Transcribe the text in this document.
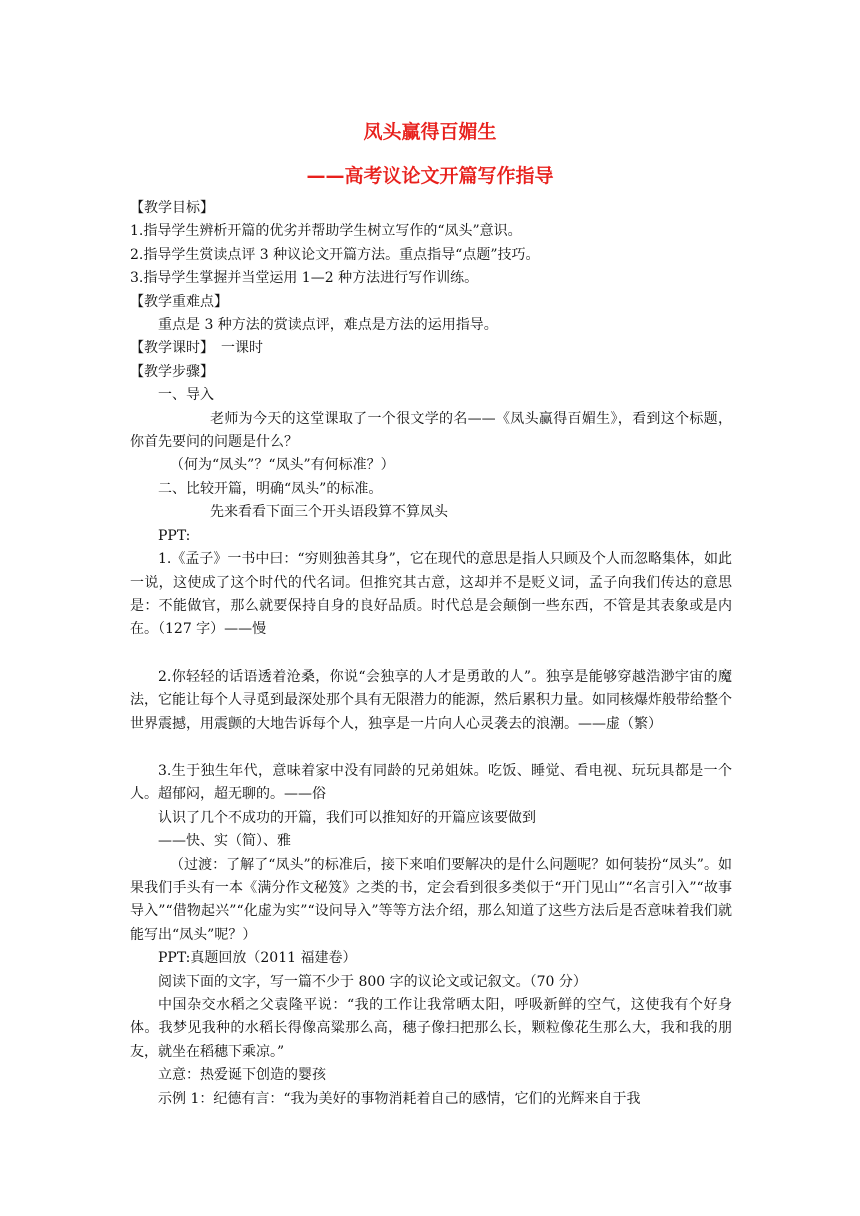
凤头赢得百媚生
——高考议论文开篇写作指导

【教学目标】

1.指导学生辨析开篇的优劣并帮助学生树立写作的“凤头”意识。

2.指导学生赏读点评 3 种议论文开篇方法。重点指导“点题”技巧。

3.指导学生掌握并当堂运用 1—2 种方法进行写作训练。

【教学重难点】

重点是 3 种方法的赏读点评，难点是方法的运用指导。

【教学课时】　一课时

【教学步骤】

一、导入

老师为今天的这堂课取了一个很文学的名——《凤头赢得百媚生》，看到这个标题，你首先要问的问题是什么？

（何为“凤头”？“凤头”有何标准？）

二、比较开篇，明确“凤头”的标准。

先来看看下面三个开头语段算不算凤头

PPT:

1.《孟子》一书中曰：“穷则独善其身”，它在现代的意思是指人只顾及个人而忽略集体，如此一说，这使成了这个时代的代名词。但推究其古意，这却并不是贬义词，孟子向我们传达的意思是：不能做官，那么就要保持自身的良好品质。时代总是会颠倒一些东西，不管是其表象或是内在。（127 字）——慢

2.你轻轻的话语透着沧桑，你说“会独享的人才是勇敢的人”。独享是能够穿越浩渺宇宙的魔法，它能让每个人寻觅到最深处那个具有无限潜力的能源，然后累积力量。如同核爆炸般带给整个世界震撼，用震颤的大地告诉每个人，独享是一片向人心灵袭去的浪潮。——虚（繁）

3.生于独生年代，意味着家中没有同龄的兄弟姐妹。吃饭、睡觉、看电视、玩玩具都是一个人。超郁闷，超无聊的。——俗

认识了几个不成功的开篇，我们可以推知好的开篇应该要做到

——快、实（简）、雅

（过渡：了解了“凤头”的标准后，接下来咱们要解决的是什么问题呢？如何装扮“凤头”。如果我们手头有一本《满分作文秘笈》之类的书，定会看到很多类似于“开门见山”“名言引入”“故事导入”“借物起兴”“化虚为实”“设问导入”等等方法介绍，那么知道了这些方法后是否意味着我们就能写出“凤头”呢？）

PPT:真题回放（2011 福建卷）

阅读下面的文字，写一篇不少于 800 字的议论文或记叙文。（70 分）

中国杂交水稻之父袁隆平说：“我的工作让我常晒太阳，呼吸新鲜的空气，这使我有个好身体。我梦见我种的水稻长得像高粱那么高，穗子像扫把那么长，颗粒像花生那么大，我和我的朋友，就坐在稻穗下乘凉。”

立意：热爱诞下创造的婴孩

示例 1：纪德有言：“我为美好的事物消耗着自己的感情，它们的光辉来自于我
